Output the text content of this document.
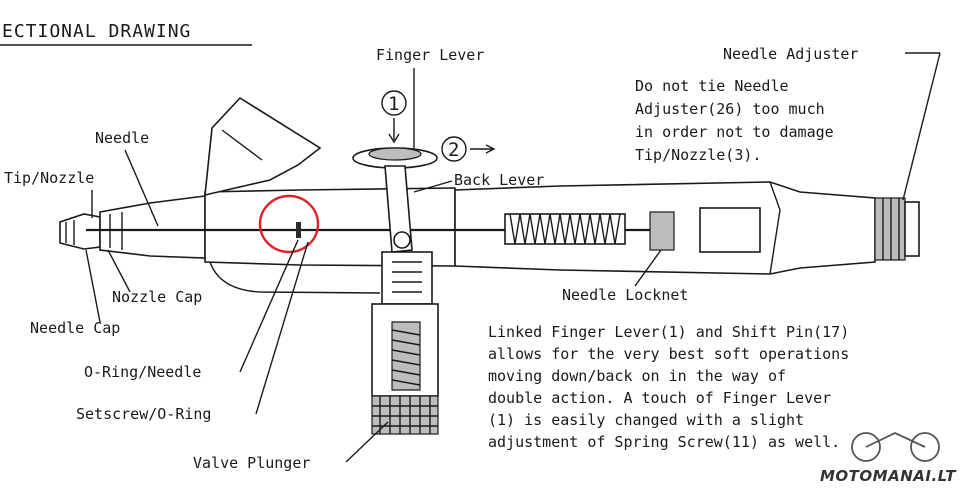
ECTIONAL DRAWING
1
2
Finger Lever	Needle Adjuster
Needle
Tip/Nozzle	Back Lever
Nozzle Cap
Needle Cap
Needle Locknet
O-Ring/Needle
Setscrew/O-Ring
Valve Plunger
Do not tie Needle
Adjuster(26) too much
in order not to damage
Tip/Nozzle(3).
Linked Finger Lever(1) and Shift Pin(17)
allows for the very best soft operations
moving down/back on in the way of
double action. A touch of Finger Lever
(1) is easily changed with a slight
adjustment of Spring Screw(11) as well.
MOTOMANAI.LT
